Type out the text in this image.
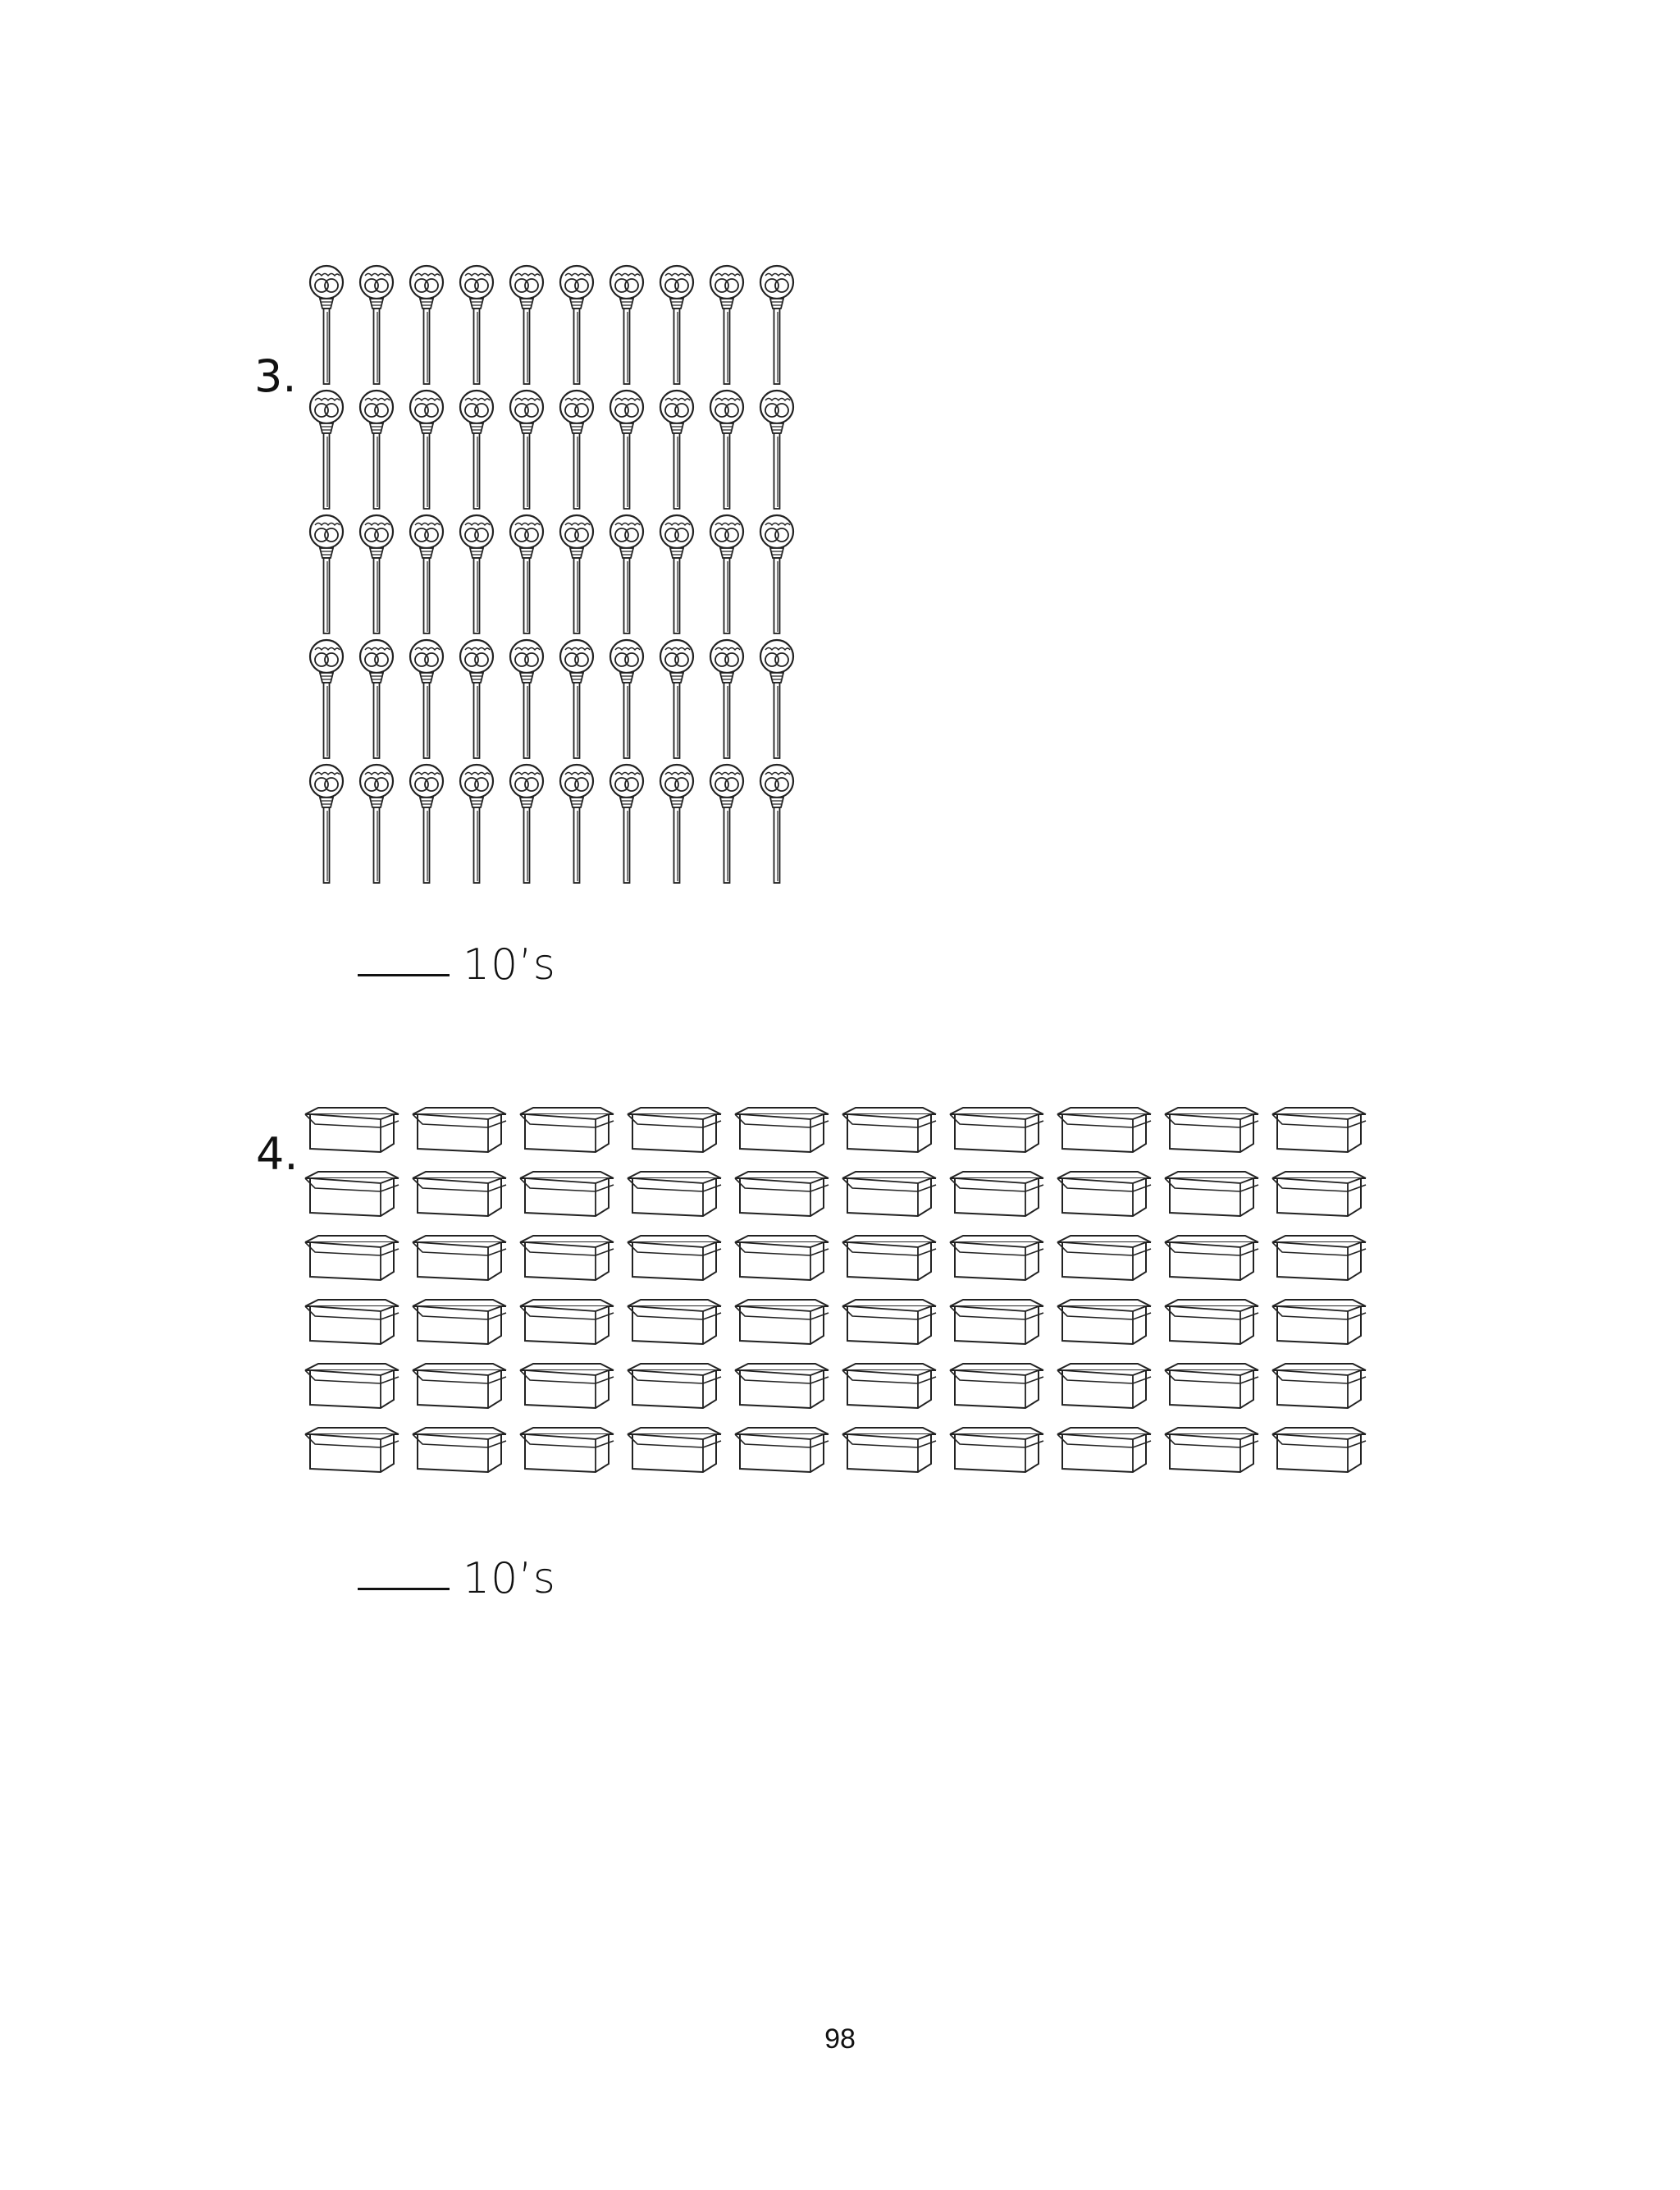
3.
10’s
4.
10’s
98
